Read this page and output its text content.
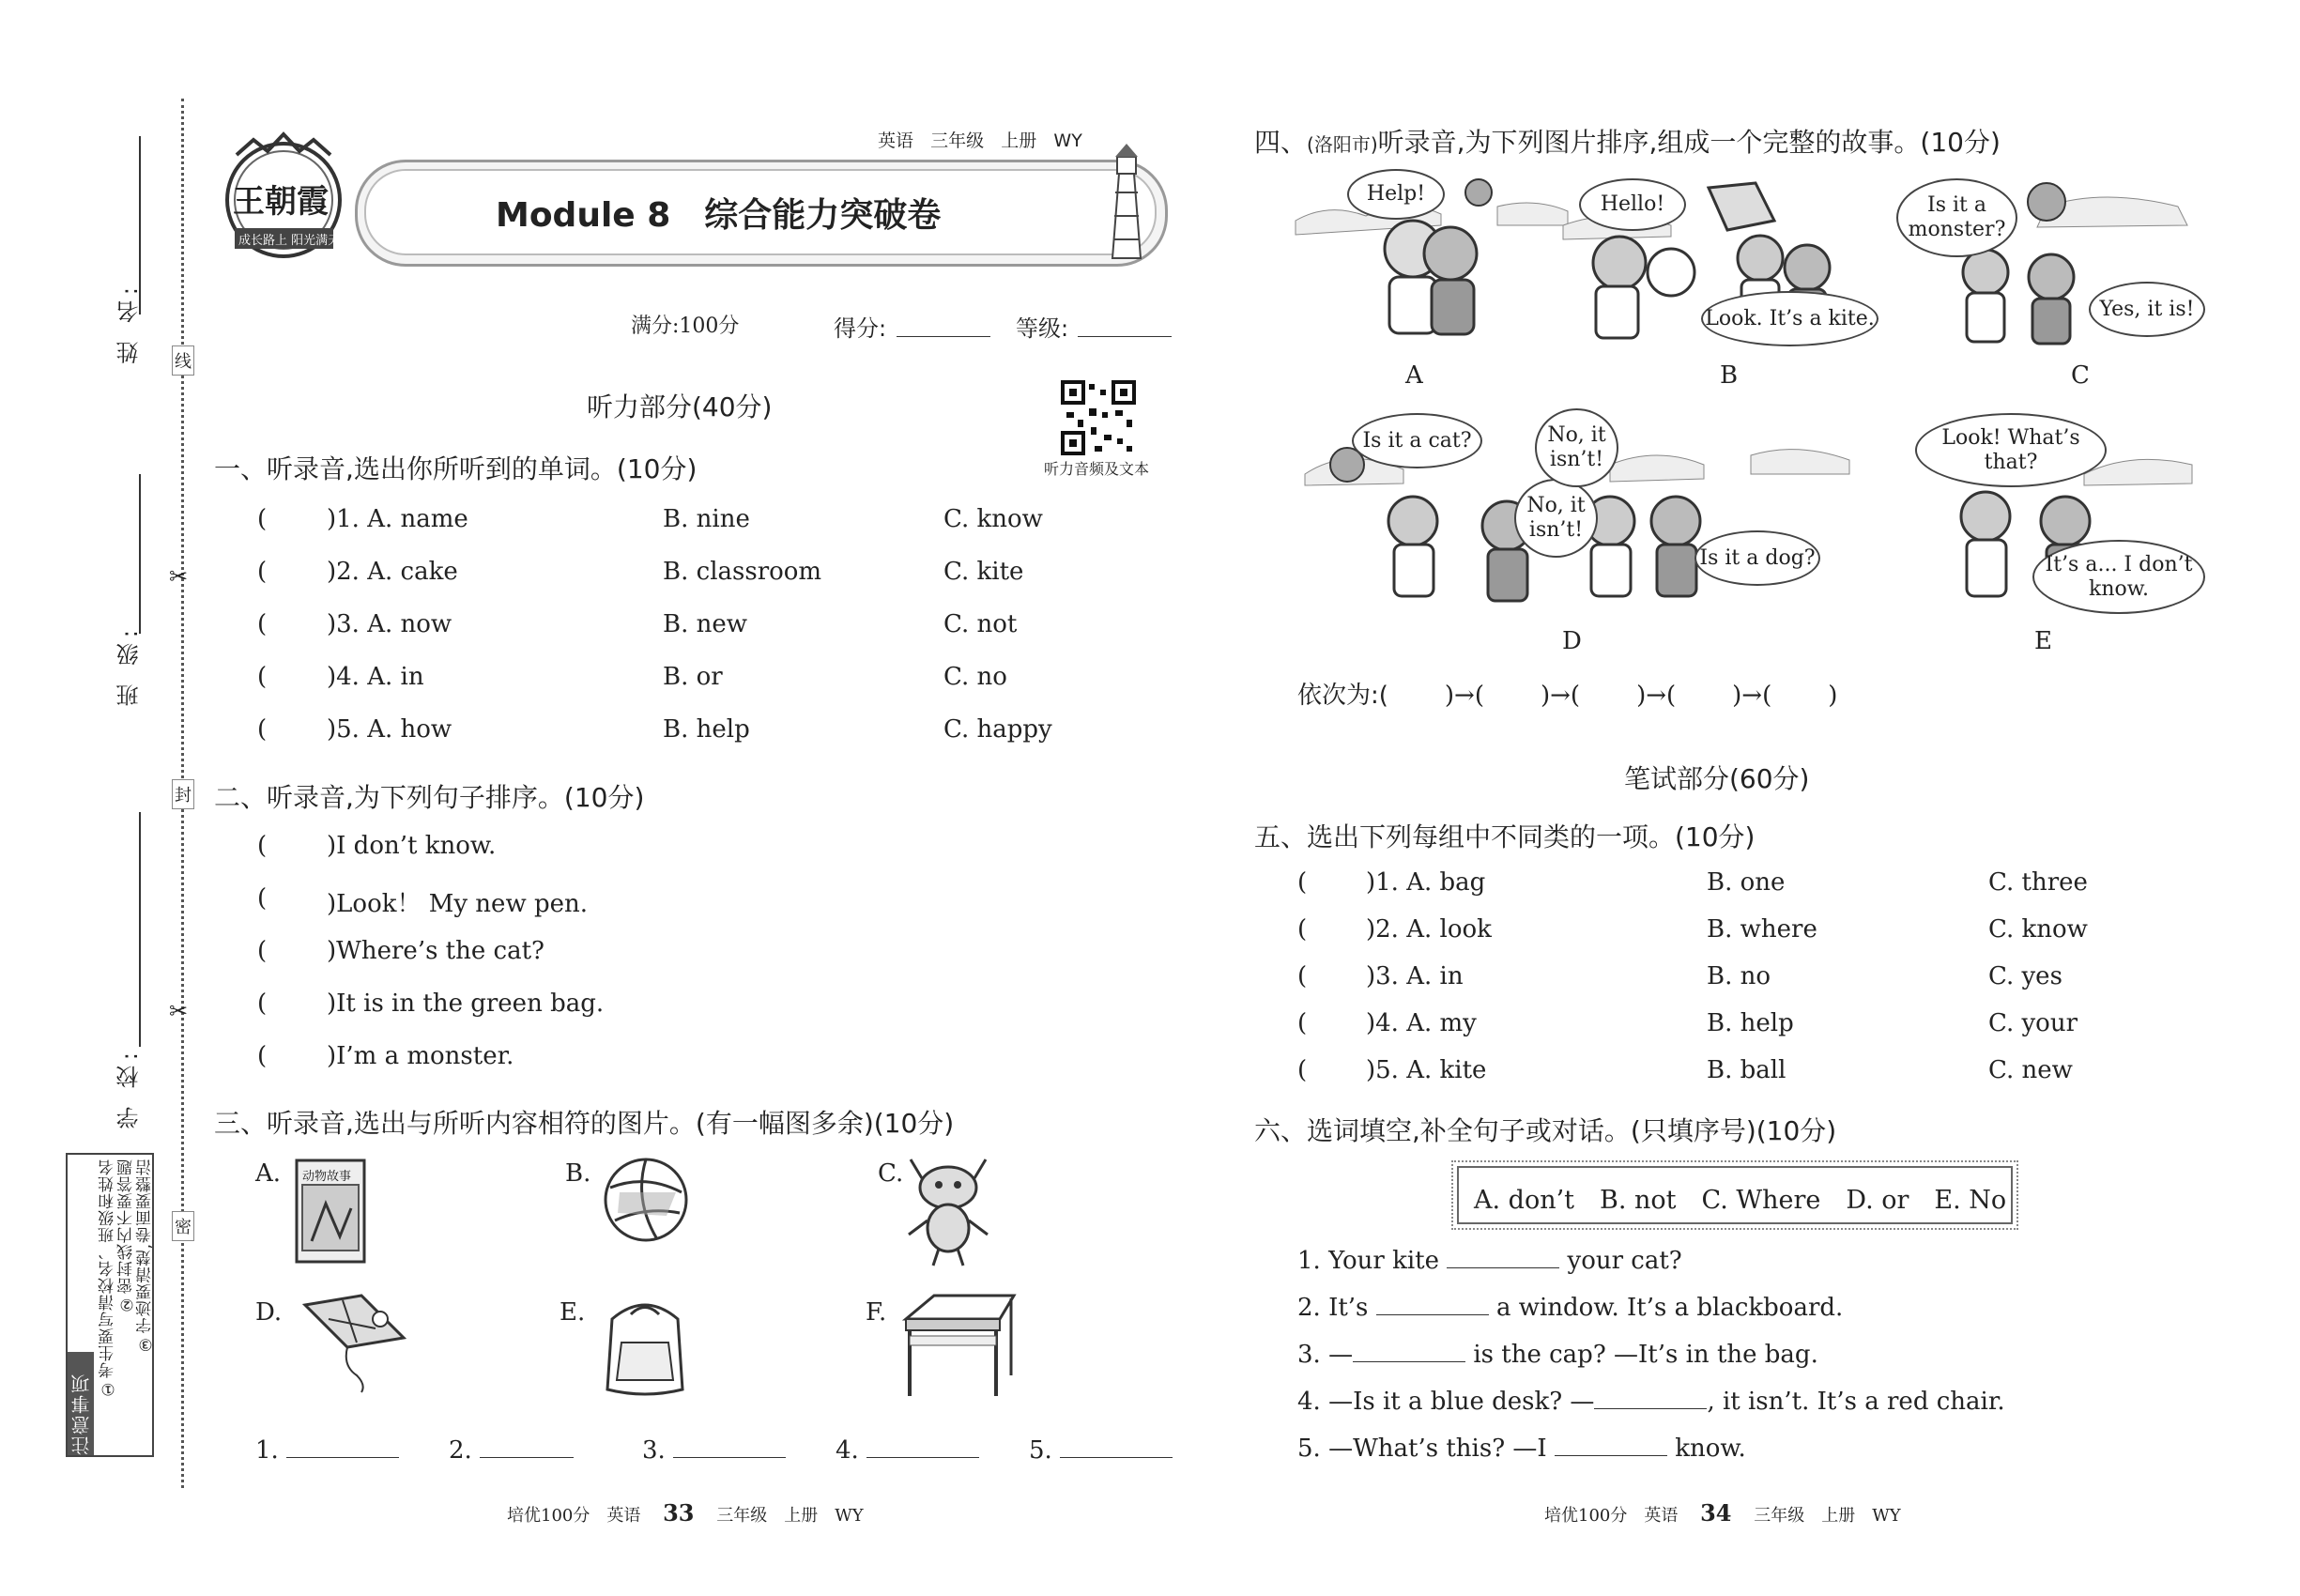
姓 名:
班 级:
学 校:
线
封
密
✂
✂
注意事项
①考生要写清校名、班级和姓名 ②密封线内不要答题 ③字迹要清楚,卷面要整洁
王朝霞
成长路上 阳光满天
英语 三年级 上册 WY
Module 8　综合能力突破卷
满分:100分	得分:	等级:
听力音频及文本
听力部分(40分)
一、听录音,选出你所听到的单词。(10分)
( )1. A. name	B. nine	C. know
( )2. A. cake	B. classroom	C. kite
( )3. A. now	B. new	C. not
( )4. A. in	B. or	C. no
( )5. A. how	B. help	C. happy
二、听录音,为下列句子排序。(10分)
( )I don’t know.
( )Look！ My new pen.
( )Where’s the cat?
( )It is in the green bag.
( )I’m a monster.
三、听录音,选出与所听内容相符的图片。(有一幅图多余)(10分)
A. 动物故事	B.	C.
D.	E.	F.
1.	2.	3.	4.	5.
培优100分　英语 33 三年级　上册　WY
四、(洛阳市)听录音,为下列图片排序,组成一个完整的故事。(10分)
Help!
A
Hello!
Look. It’s a kite.
B
Is it a monster?
Yes, it is!
C
Is it a cat?
No, it isn’t!
No, it isn’t!
Is it a dog?
D
Look! What’s that?
It’s a... I don’t know.
E
依次为:( )→( )→( )→( )→( )
笔试部分(60分)
五、选出下列每组中不同类的一项。(10分)
( )1. A. bag	B. one	C. three
( )2. A. look	B. where	C. know
( )3. A. in	B. no	C. yes
( )4. A. my	B. help	C. your
( )5. A. kite	B. ball	C. new
六、选词填空,补全句子或对话。(只填序号)(10分)
A. don’t　B. not　C. Where　D. or　E. No
1. Your kite	your cat?
2. It’s	a window. It’s a blackboard.
3. —	is the cap? —It’s in the bag.
4. —Is it a blue desk? —	, it isn’t. It’s a red chair.
5. —What’s this? —I	know.
培优100分　英语 34 三年级　上册　WY
